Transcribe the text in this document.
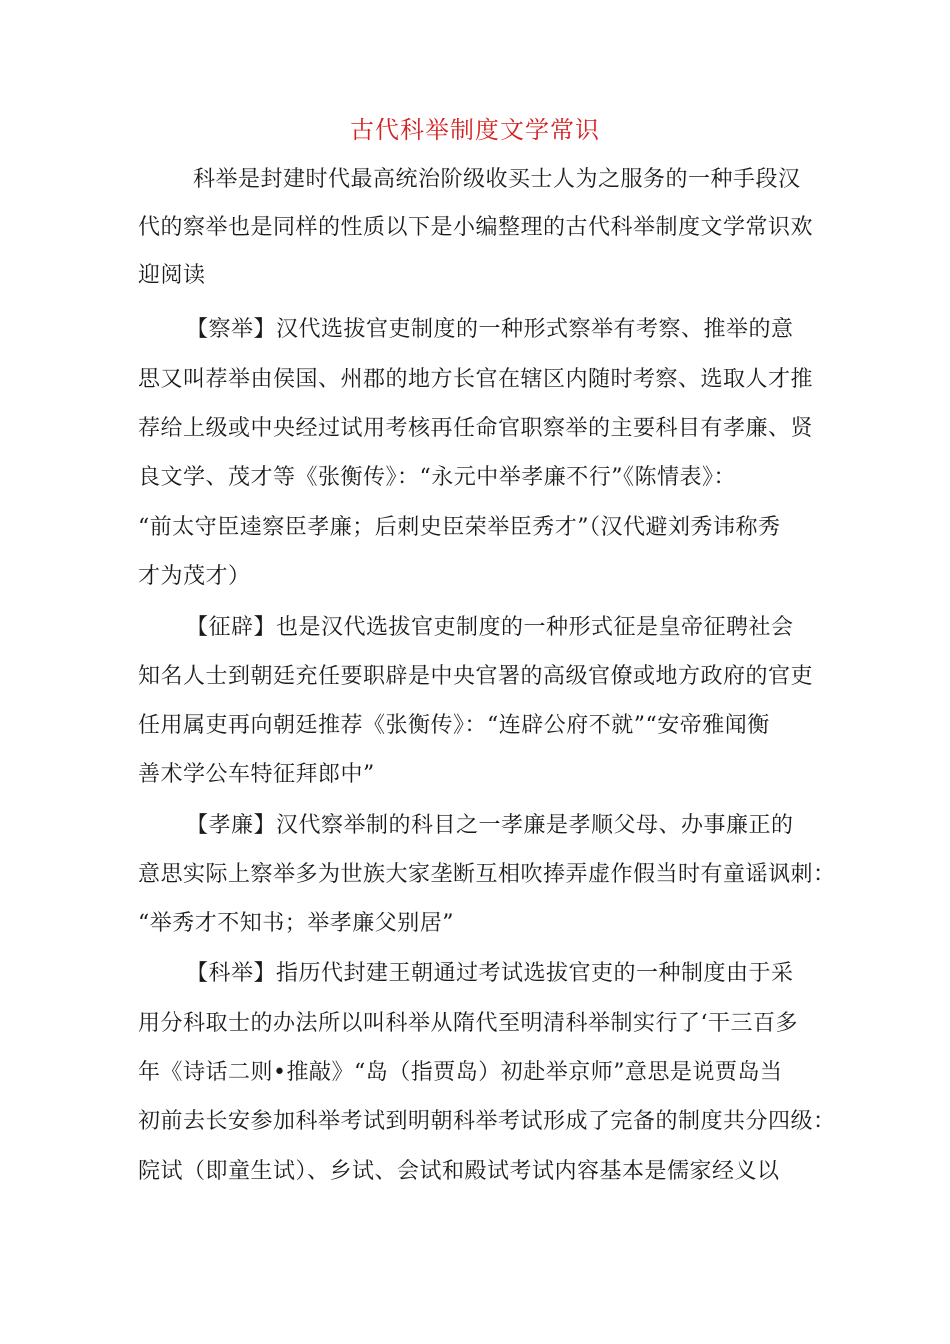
古代科举制度文学常识
科举是封建时代最高统治阶级收买士人为之服务的一种手段汉
代的察举也是同样的性质以下是小编整理的古代科举制度文学常识欢
迎阅读
【察举】汉代选拔官吏制度的一种形式察举有考察、推举的意
思又叫荐举由侯国、州郡的地方长官在辖区内随时考察、选取人才推
荐给上级或中央经过试用考核再任命官职察举的主要科目有孝廉、贤
良文学、茂才等《张衡传》：“永元中举孝廉不行”《陈情表》：
“前太守臣逵察臣孝廉；后刺史臣荣举臣秀才”（汉代避刘秀讳称秀
才为茂才）
【征辟】也是汉代选拔官吏制度的一种形式征是皇帝征聘社会
知名人士到朝廷充任要职辟是中央官署的高级官僚或地方政府的官吏
任用属吏再向朝廷推荐《张衡传》：“连辟公府不就”“安帝雅闻衡
善术学公车特征拜郎中”
【孝廉】汉代察举制的科目之一孝廉是孝顺父母、办事廉正的
意思实际上察举多为世族大家垄断互相吹捧弄虚作假当时有童谣讽刺：
“举秀才不知书；举孝廉父别居”
【科举】指历代封建王朝通过考试选拔官吏的一种制度由于采
用分科取士的办法所以叫科举从隋代至明清科举制实行了‘干三百多
年《诗话二则•推敲》“岛（指贾岛）初赴举京师”意思是说贾岛当
初前去长安参加科举考试到明朝科举考试形成了完备的制度共分四级：
院试（即童生试）、乡试、会试和殿试考试内容基本是儒家经义以
